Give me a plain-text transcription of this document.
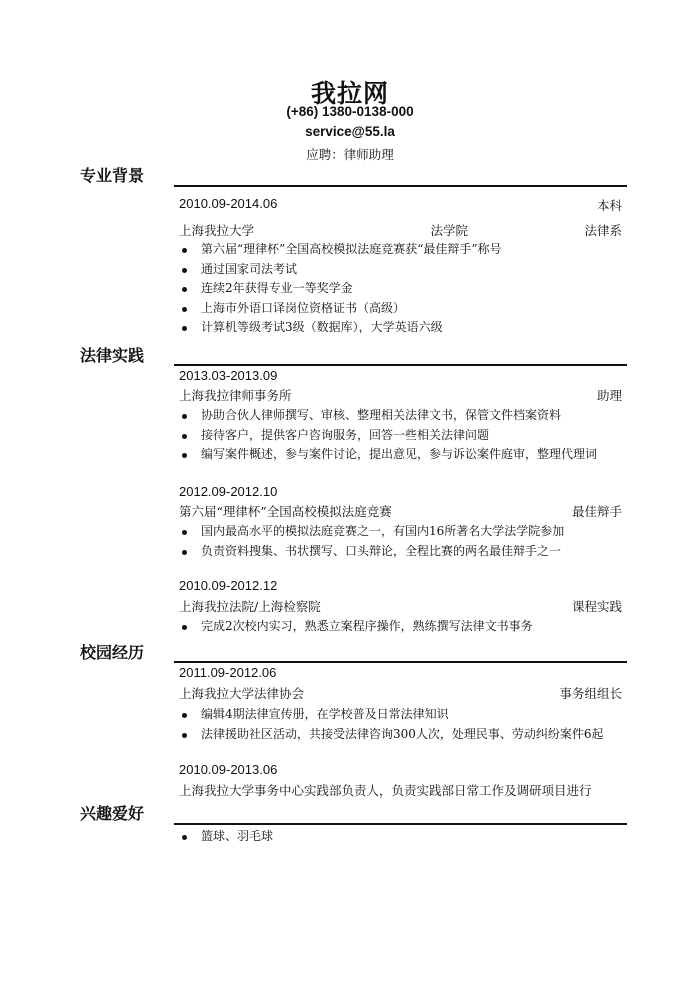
我拉网
(+86) 1380-0138-000
service@55.la
应聘：律师助理
专业背景
2010.09-2014.06	本科
上海我拉大学	法学院	法律系
第六届“理律杯”全国高校模拟法庭竞赛获“最佳辩手”称号
通过国家司法考试
连续2年获得专业一等奖学金
上海市外语口译岗位资格证书（高级）
计算机等级考试3级（数据库），大学英语六级
法律实践
2013.03-2013.09
上海我拉律师事务所	助理
协助合伙人律师撰写、审核、整理相关法律文书，保管文件档案资料
接待客户，提供客户咨询服务，回答一些相关法律问题
编写案件概述，参与案件讨论，提出意见，参与诉讼案件庭审，整理代理词
2012.09-2012.10
第六届“理律杯”全国高校模拟法庭竞赛	最佳辩手
国内最高水平的模拟法庭竞赛之一，有国内16所著名大学法学院参加
负责资料搜集、书状撰写、口头辩论，全程比赛的两名最佳辩手之一
2010.09-2012.12
上海我拉法院/上海检察院	课程实践
完成2次校内实习，熟悉立案程序操作，熟练撰写法律文书事务
校园经历
2011.09-2012.06
上海我拉大学法律协会	事务组组长
编辑4期法律宣传册，在学校普及日常法律知识
法律援助社区活动，共接受法律咨询300人次，处理民事、劳动纠纷案件6起
2010.09-2013.06
上海我拉大学事务中心实践部负责人，负责实践部日常工作及调研项目进行
兴趣爱好
篮球、羽毛球
